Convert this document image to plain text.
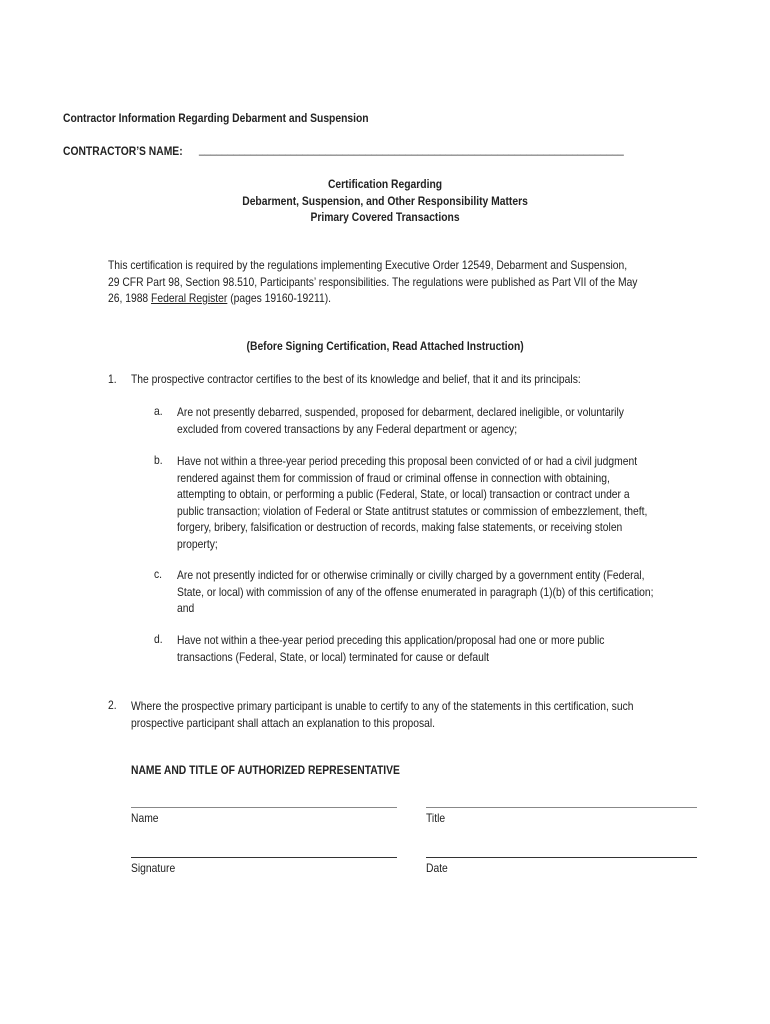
Contractor Information Regarding Debarment and Suspension
CONTRACTOR’S NAME: __________________________________________________________________________
Certification Regarding
Debarment, Suspension, and Other Responsibility Matters
Primary Covered Transactions
This certification is required by the regulations implementing Executive Order 12549, Debarment and Suspension,
29 CFR Part 98, Section 98.510, Participants’ responsibilities. The regulations were published as Part VII of the May
26, 1988 Federal Register (pages 19160-19211).
(Before Signing Certification, Read Attached Instruction)
1. The prospective contractor certifies to the best of its knowledge and belief, that it and its principals:
a. Are not presently debarred, suspended, proposed for debarment, declared ineligible, or voluntarily
excluded from covered transactions by any Federal department or agency;
b. Have not within a three-year period preceding this proposal been convicted of or had a civil judgment
rendered against them for commission of fraud or criminal offense in connection with obtaining,
attempting to obtain, or performing a public (Federal, State, or local) transaction or contract under a
public transaction; violation of Federal or State antitrust statutes or commission of embezzlement, theft,
forgery, bribery, falsification or destruction of records, making false statements, or receiving stolen
property;
c. Are not presently indicted for or otherwise criminally or civilly charged by a government entity (Federal,
State, or local) with commission of any of the offense enumerated in paragraph (1)(b) of this certification;
and
d. Have not within a thee-year period preceding this application/proposal had one or more public
transactions (Federal, State, or local) terminated for cause or default
2. Where the prospective primary participant is unable to certify to any of the statements in this certification, such
prospective participant shall attach an explanation to this proposal.
NAME AND TITLE OF AUTHORIZED REPRESENTATIVE
Name	Title
Signature	Date
